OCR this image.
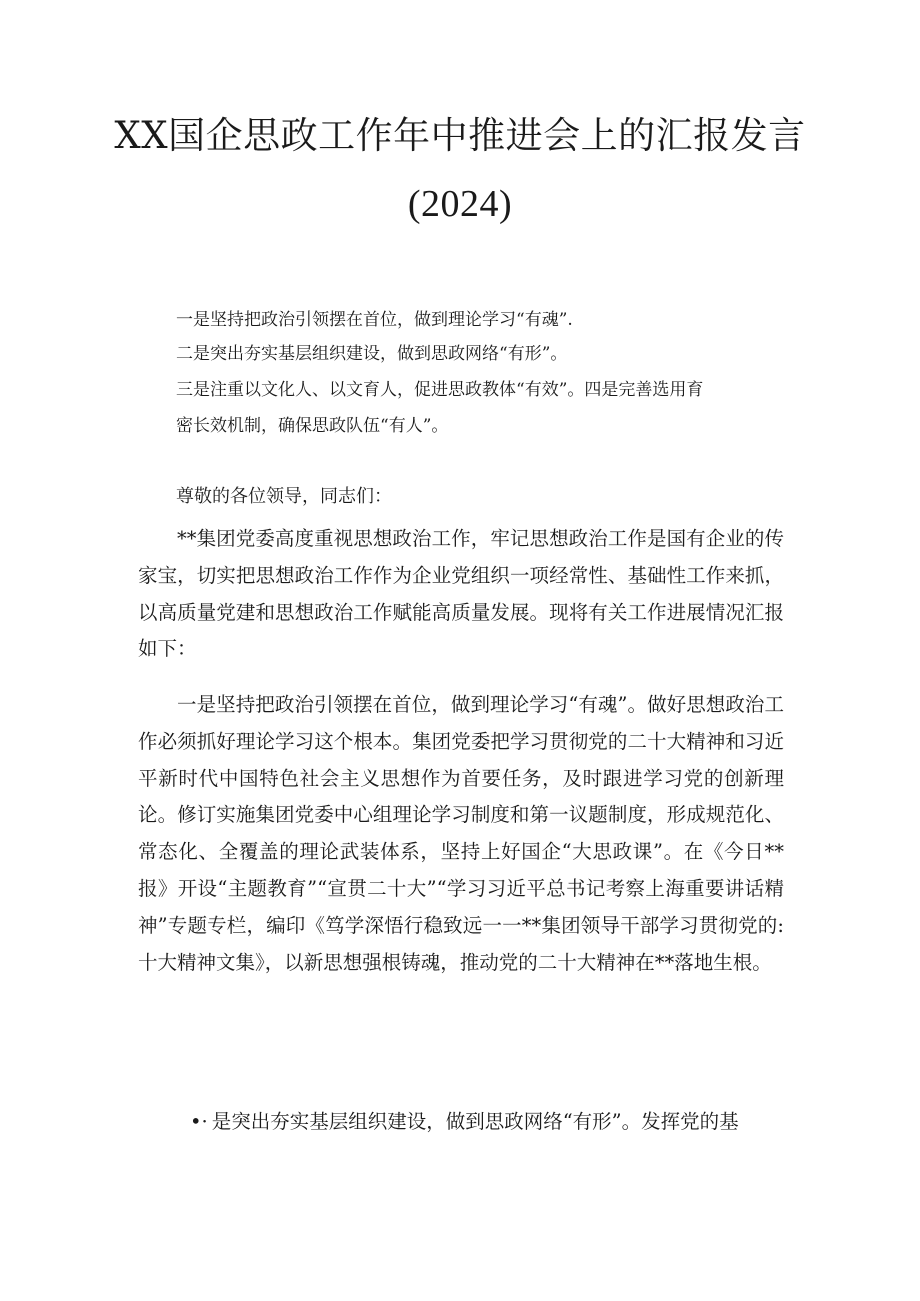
XX国企思政工作年中推进会上的汇报发言
(2024)

一是坚持把政治引领摆在首位，做到理论学习“有魂”.

二是突出夯实基层组织建设，做到思政网络“有形”。

三是注重以文化人、以文育人，促进思政教体“有效”。四是完善选用育

密长效机制，确保思政队伍“有人”。

尊敬的各位领导，同志们：

**集团党委高度重视思想政治工作，牢记思想政治工作是国有企业的传家宝，切实把思想政治工作作为企业党组织一项经常性、基础性工作来抓，以高质量党建和思想政治工作赋能高质量发展。现将有关工作进展情况汇报如下：

一是坚持把政治引领摆在首位，做到理论学习“有魂”。做好思想政治工作必须抓好理论学习这个根本。集团党委把学习贯彻党的二十大精神和习近平新时代中国特色社会主义思想作为首要任务，及时跟进学习党的创新理论。修订实施集团党委中心组理论学习制度和第一议题制度，形成规范化、常态化、全覆盖的理论武装体系，坚持上好国企“大思政课”。在《今日**报》开设“主题教育”“宣贯二十大”“学习习近平总书记考察上海重要讲话精神”专题专栏，编印《笃学深悟行稳致远一一**集团领导干部学习贯彻党的:十大精神文集》，以新思想强根铸魂，推动党的二十大精神在**落地生根。

•· 是突出夯实基层组织建设，做到思政网络“有形”。发挥党的基
